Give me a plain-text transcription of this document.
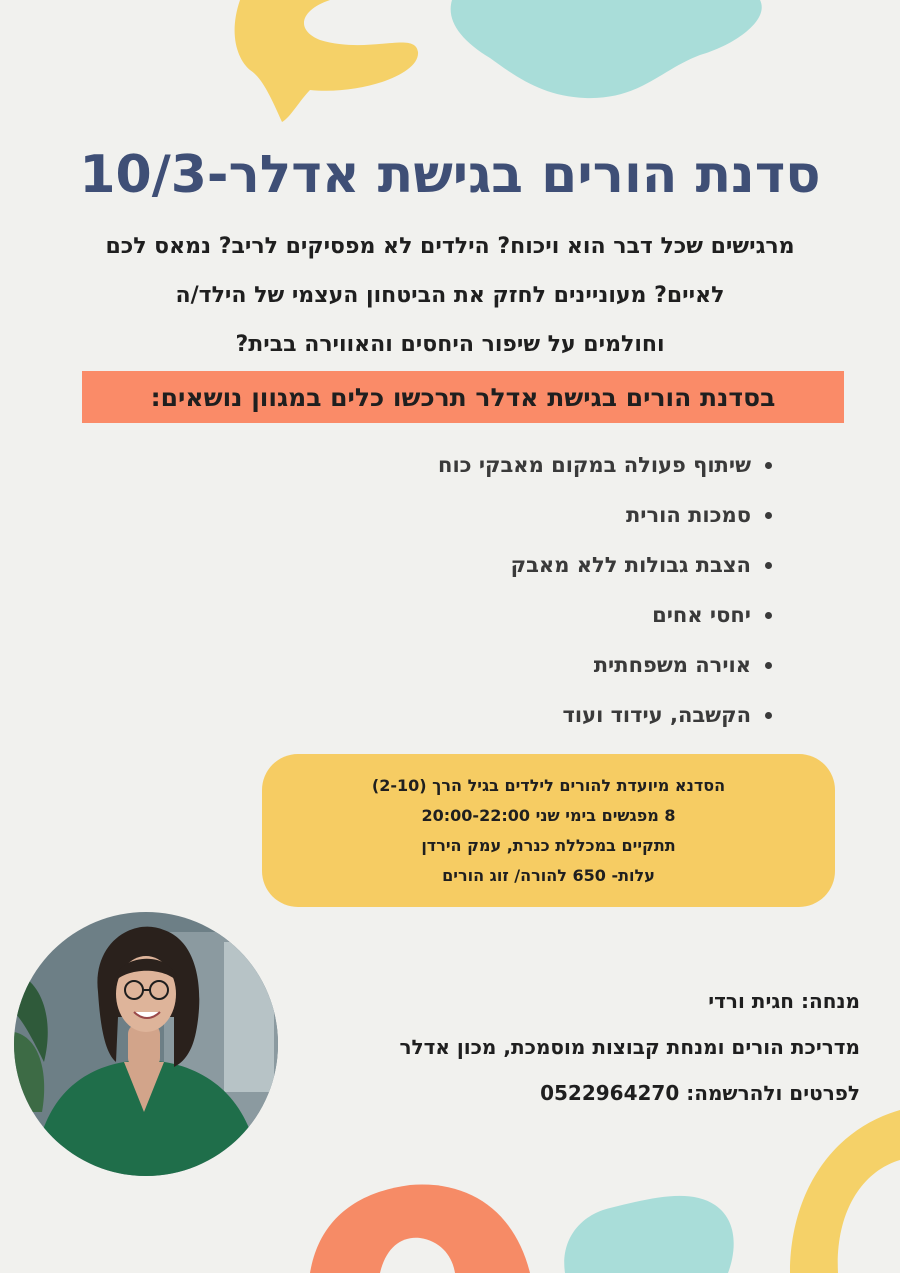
סדנת הורים בגישת אדלר-10/3

מרגישים שכל דבר הוא ויכוח? הילדים לא מפסיקים לריב? נמאס לכם
לאיים? מעוניינים לחזק את הביטחון העצמי של הילד/ה
וחולמים על שיפור היחסים והאווירה בבית?

בסדנת הורים בגישת אדלר תרכשו כלים במגוון נושאים:
שיתוף פעולה במקום מאבקי כוח
סמכות הורית
הצבת גבולות ללא מאבק
יחסי אחים
אוירה משפחתית
הקשבה, עידוד ועוד

הסדנא מיועדת להורים לילדים בגיל הרך (2-10)

8 מפגשים בימי שני 20:00-22:00

תתקיים במכללת כנרת, עמק הירדן

עלות- 650 להורה/ זוג הורים

מנחה: חגית ורדי
מדריכת הורים ומנחת קבוצות מוסמכת, מכון אדלר
לפרטים ולהרשמה: 0522964270
